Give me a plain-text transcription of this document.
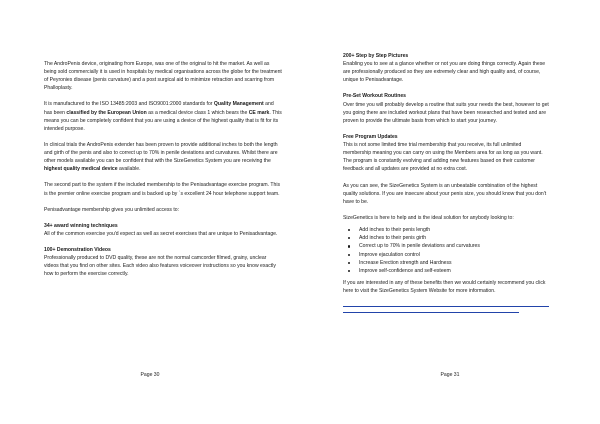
The AndroPenis device, originating from Europe, was one of the original to hit the market. As well as being sold commercially it is used in hospitals by medical organisations across the globe for the treatment of Peyronies disease (penis curvature) and a post surgical aid to minimize retraction and scarring from Phalloplasty.

It is manufactured to the ISO 13485:2003 and ISO9001:2000 standards for Quality Management and has been classified by the European Union as a medical device class 1 which bears the CE mark. This means you can be completely confident that you are using a device of the highest quality that is fit for its intended purpose.

In clinical trials the AndroPenis extender has been proven to provide additional inches to both the length and girth of the penis and also to correct up to 70% in penile deviations and curvatures. Whilst there are other models available you can be confident that with the SizeGenetics System you are receiving the highest quality medical device available.

The second part to the system if the included membership to the Penisadvantage exercise program. This is the premier online exercise program and is backed up by `s excellent 24 hour telephone support team.

Penisadvantage membership gives you unlimited access to:

34+ award winning techniques

All of the common exercise you'd expect as well as secret exercises that are unique to Penisadvantage.

100+ Demonstration Videos

Professionally produced to DVD quality, these are not the normal camcorder filmed, grainy, unclear videos that you find on other sites. Each video also features voiceover instructions so you know exactly how to perform the exercise correctly.

Page 30
200+ Step by Step Pictures

Enabling you to see at a glance whether or not you are doing things correctly. Again these are professionally produced so they are extremely clear and high quality and, of course, unique to Penisadvantage.

Pre-Set Workout Routines

Over time you will probably develop a routine that suits your needs the best, however to get you going there are included workout plans that have been researched and tested and are proven to provide the ultimate basis from which to start your journey.

Free Program Updates

This is not some limited time trial membership that you receive, its full unlimited membership meaning you can carry on using the Members area for as long as you want. The program is constantly evolving and adding new features based on their customer feedback and all updates are provided at no extra cost.

As you can see, the SizeGenetics System is an unbeatable combination of the highest quality solutions. If you are insecure about your penis size, you should know that you don't have to be.

SizeGenetics is here to help and is the ideal solution for anybody looking to:

Add inches to their penis length
Add inches to their penis girth
Correct up to 70% in penile deviations and curvatures
Improve ejaculation control
Increase Erection strength and Hardness
Improve self-confidence and self-esteem

If you are interested in any of these benefits then we would certainly recommend you click here to visit the SizeGenetics System Website for more information.

Page 31
